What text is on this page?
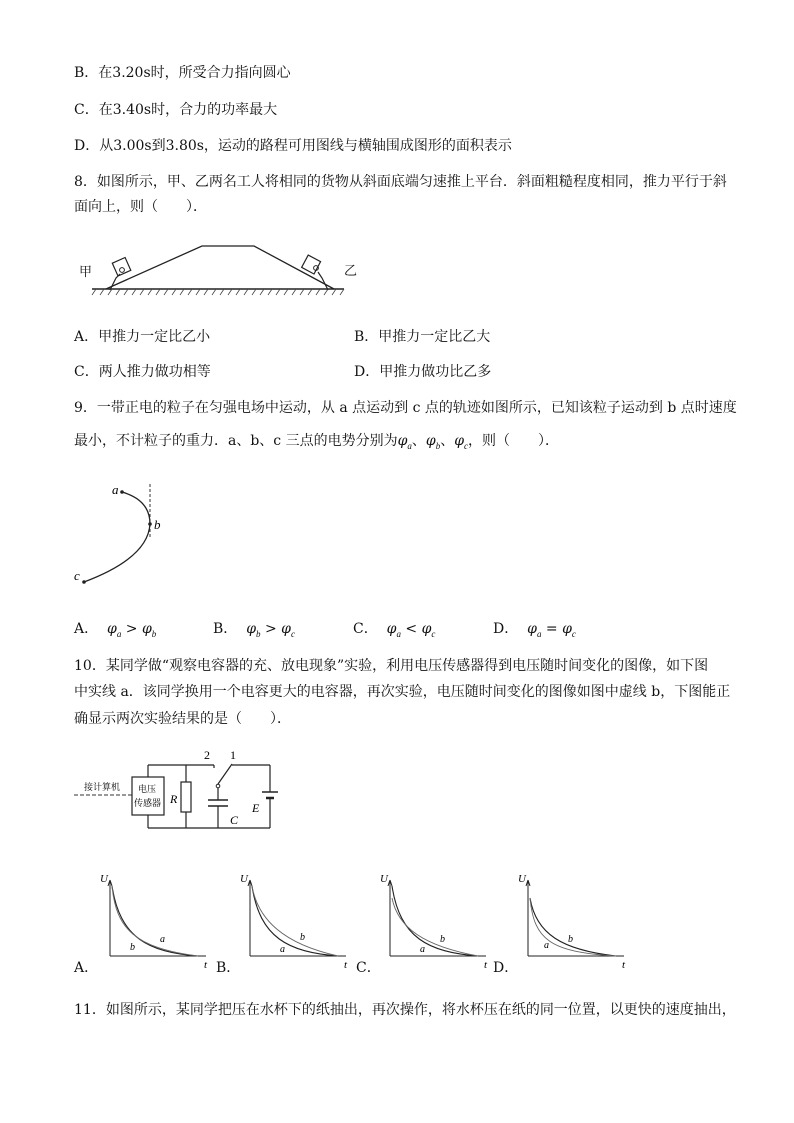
B．在3.20s时，所受合力指向圆心
C．在3.40s时，合力的功率最大
D．从3.00s到3.80s，运动的路程可用图线与横轴围成图形的面积表示
8．如图所示，甲、乙两名工人将相同的货物从斜面底端匀速推上平台．斜面粗糙程度相同，推力平行于斜
面向上，则（　　）．
甲	乙
A．甲推力一定比乙小	B．甲推力一定比乙大
C．两人推力做功相等	D．甲推力做功比乙多
9．一带正电的粒子在匀强电场中运动，从 a 点运动到 c 点的轨迹如图所示，已知该粒子运动到 b 点时速度
最小，不计粒子的重力．a、b、c 三点的电势分别为$\varphi_a$、$\varphi_b$、$\varphi_c$，则（　　）．
a
b
c
A． $\varphi_a > \varphi_b$	B． $\varphi_b > \varphi_c$	C． $\varphi_a < \varphi_c$	D． $\varphi_a = \varphi_c$
10．某同学做“观察电容器的充、放电现象”实验，利用电压传感器得到电压随时间变化的图像，如下图
中实线 a．该同学换用一个电容更大的电容器，再次实验，电压随时间变化的图像如图中虚线 b，下图能正
确显示两次实验结果的是（　　）．
接计算机 电压
传感器 R
2 1
C
E
U
t
a
b
A．
U
t
b
a
B．
U
t
b
a
C．
U
t
b
a
D．
11．如图所示，某同学把压在水杯下的纸抽出，再次操作，将水杯压在纸的同一位置，以更快的速度抽出，
